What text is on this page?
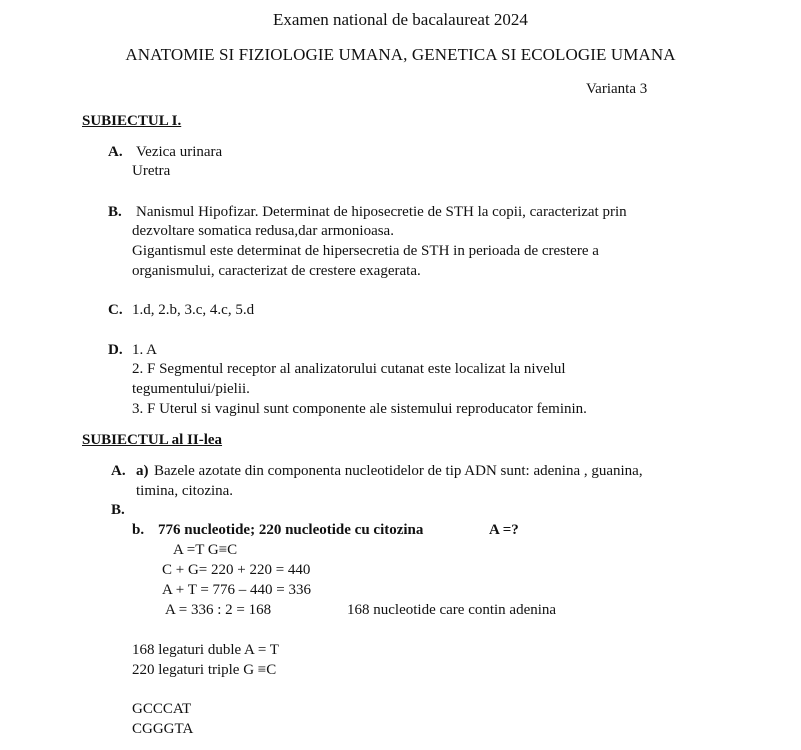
Examen national de bacalaureat 2024
ANATOMIE SI FIZIOLOGIE UMANA, GENETICA SI ECOLOGIE UMANA
Varianta 3
SUBIECTUL I.
A. Vezica urinara
Uretra
B. Nanismul Hipofizar. Determinat de hiposecretie de STH la copii, caracterizat prin
dezvoltare somatica redusa,dar armonioasa.
Gigantismul este determinat de hipersecretia de STH in perioada de crestere a
organismului, caracterizat de crestere exagerata.
C. 1.d, 2.b, 3.c, 4.c, 5.d
D. 1. A
2. F Segmentul receptor al analizatorului cutanat este localizat la nivelul
tegumentului/pielii.
3. F Uterul si vaginul sunt componente ale sistemului reproducator feminin.
SUBIECTUL al II-lea
A. a) Bazele azotate din componenta nucleotidelor de tip ADN sunt: adenina , guanina,
timina, citozina.
B.
b. 776 nucleotide; 220 nucleotide cu citozina	A =?
A =T G≡C
C + G= 220 + 220 = 440
A + T = 776 – 440 = 336
A = 336 : 2 = 168	168 nucleotide care contin adenina
168 legaturi duble A = T
220 legaturi triple G ≡C
GCCCAT
CGGGTA
